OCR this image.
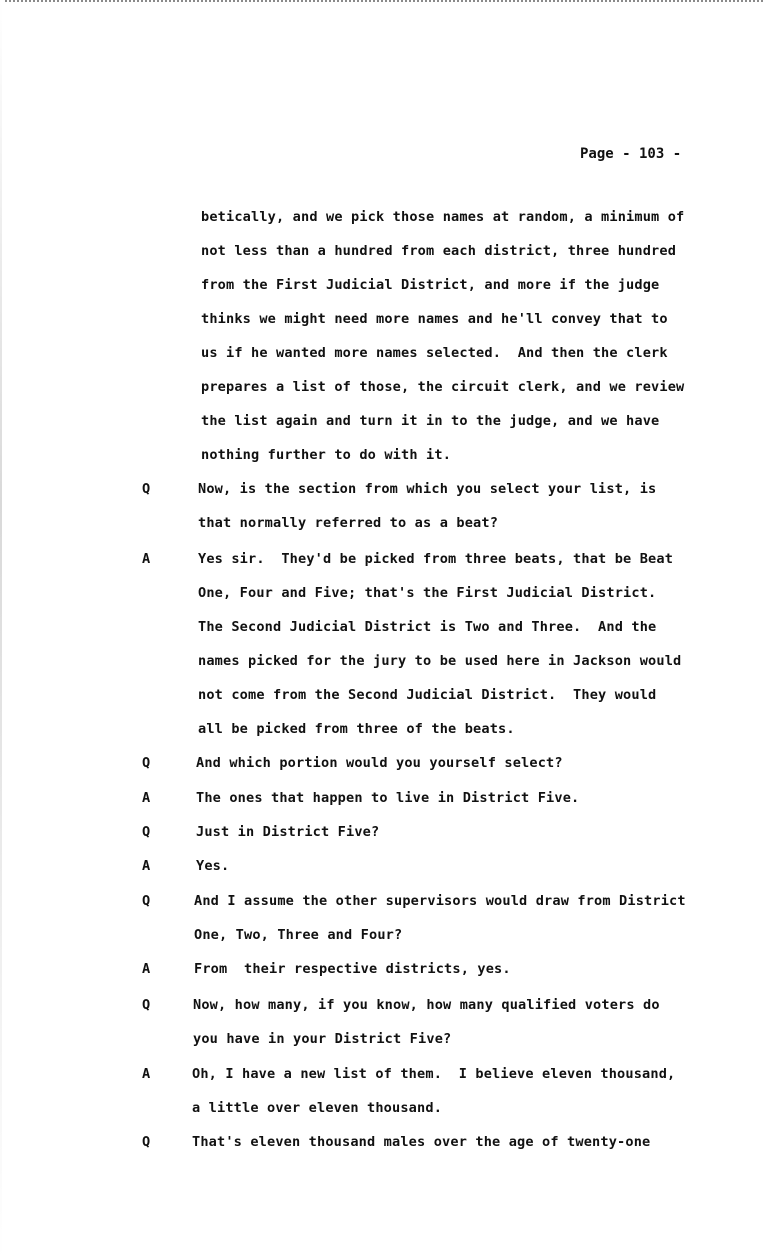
Page - 103 -
betically, and we pick those names at random, a minimum of
not less than a hundred from each district, three hundred
from the First Judicial District, and more if the judge
thinks we might need more names and he'll convey that to
us if he wanted more names selected.  And then the clerk
prepares a list of those, the circuit clerk, and we review
the list again and turn it in to the judge, and we have
nothing further to do with it.
Q	Now, is the section from which you select your list, is
that normally referred to as a beat?
A	Yes sir.  They'd be picked from three beats, that be Beat
One, Four and Five; that's the First Judicial District.
The Second Judicial District is Two and Three.  And the
names picked for the jury to be used here in Jackson would
not come from the Second Judicial District.  They would
all be picked from three of the beats.
Q	And which portion would you yourself select?
A	The ones that happen to live in District Five.
Q	Just in District Five?
A	Yes.
Q	And I assume the other supervisors would draw from District
One, Two, Three and Four?
A	From  their respective districts, yes.
Q	Now, how many, if you know, how many qualified voters do
you have in your District Five?
A	Oh, I have a new list of them.  I believe eleven thousand,
a little over eleven thousand.
Q	That's eleven thousand males over the age of twenty-one
